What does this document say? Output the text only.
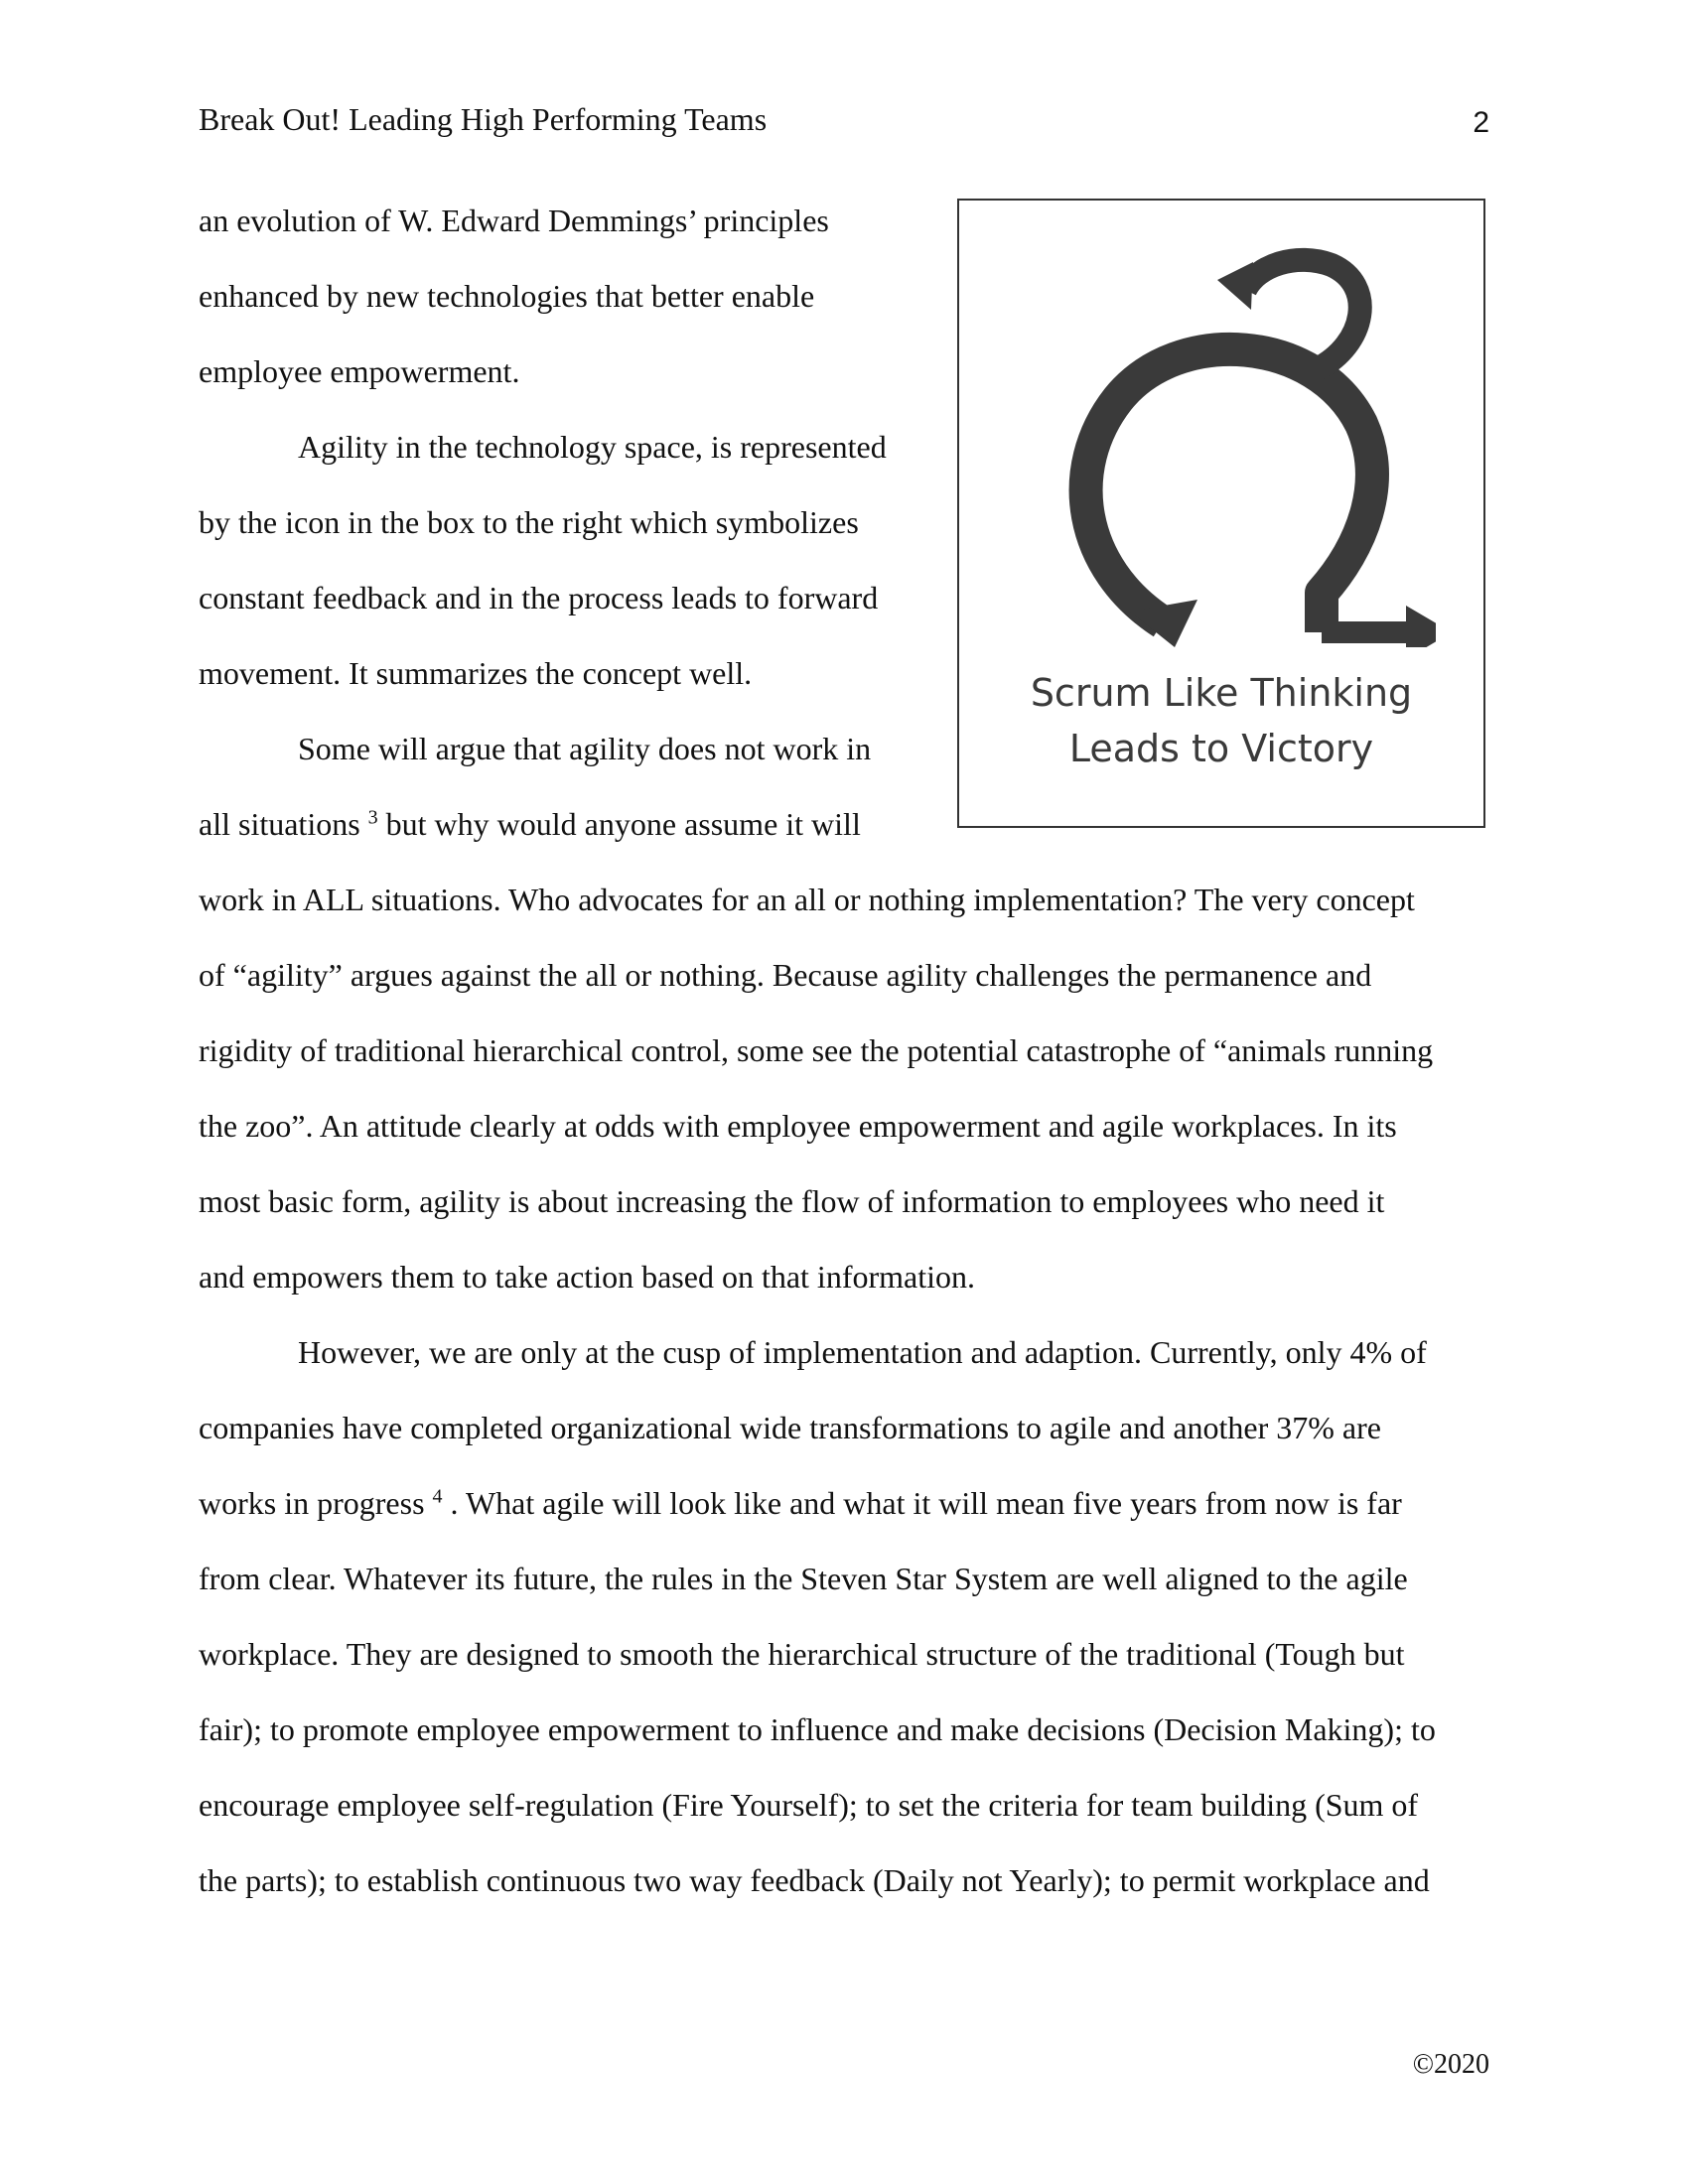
Break Out! Leading High Performing Teams	2
Scrum Like Thinking
Leads to Victory
an evolution of W. Edward Demmings’ principles
enhanced by new technologies that better enable
employee empowerment.
Agility in the technology space, is represented
by the icon in the box to the right which symbolizes
constant feedback and in the process leads to forward
movement. It summarizes the concept well.
Some will argue that agility does not work in
all situations $^3$ but why would anyone assume it will
work in ALL situations. Who advocates for an all or nothing implementation? The very concept
of “agility” argues against the all or nothing. Because agility challenges the permanence and
rigidity of traditional hierarchical control, some see the potential catastrophe of “animals running
the zoo”. An attitude clearly at odds with employee empowerment and agile workplaces. In its
most basic form, agility is about increasing the flow of information to employees who need it
and empowers them to take action based on that information.
However, we are only at the cusp of implementation and adaption. Currently, only 4% of
companies have completed organizational wide transformations to agile and another 37% are
works in progress $^4$ . What agile will look like and what it will mean five years from now is far
from clear. Whatever its future, the rules in the Steven Star System are well aligned to the agile
workplace. They are designed to smooth the hierarchical structure of the traditional (Tough but
fair); to promote employee empowerment to influence and make decisions (Decision Making); to
encourage employee self-regulation (Fire Yourself); to set the criteria for team building (Sum of
the parts); to establish continuous two way feedback (Daily not Yearly); to permit workplace and
©2020
